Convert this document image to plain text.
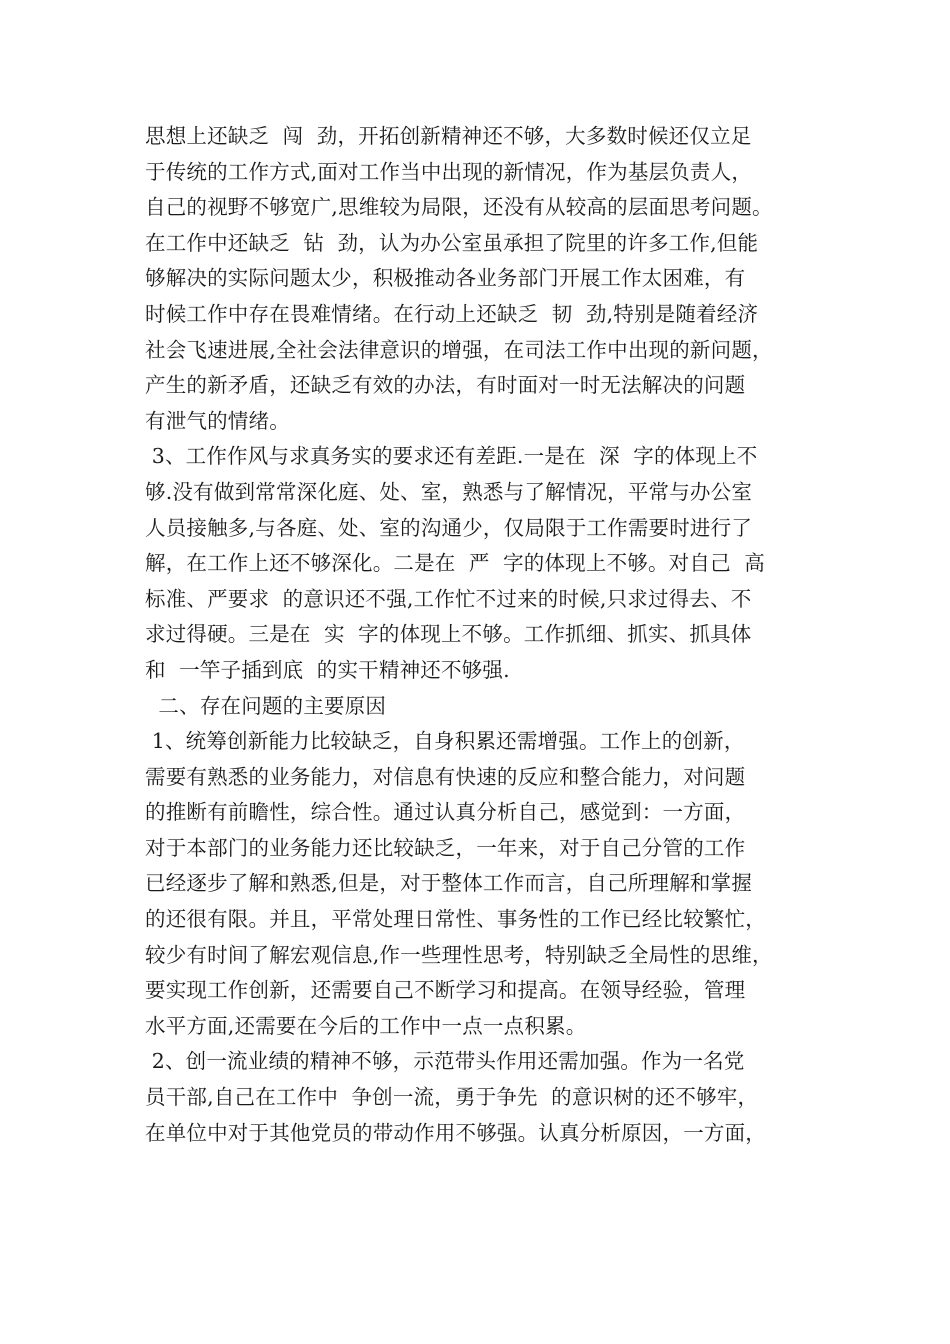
思想上还缺乏  闯  劲，开拓创新精神还不够，大多数时候还仅立足
于传统的工作方式,面对工作当中出现的新情况，作为基层负责人，
自己的视野不够宽广,思维较为局限，还没有从较高的层面思考问题。
在工作中还缺乏  钻  劲，认为办公室虽承担了院里的许多工作,但能
够解决的实际问题太少，积极推动各业务部门开展工作太困难，有
时候工作中存在畏难情绪。在行动上还缺乏  韧  劲,特别是随着经济
社会飞速进展,全社会法律意识的增强，在司法工作中出现的新问题，
产生的新矛盾，还缺乏有效的办法，有时面对一时无法解决的问题
有泄气的情绪。
3、工作作风与求真务实的要求还有差距.一是在  深  字的体现上不
够.没有做到常常深化庭、处、室，熟悉与了解情况，平常与办公室
人员接触多,与各庭、处、室的沟通少，仅局限于工作需要时进行了
解，在工作上还不够深化。二是在  严  字的体现上不够。对自己  高
标准、严要求  的意识还不强,工作忙不过来的时候,只求过得去、不
求过得硬。三是在  实  字的体现上不够。工作抓细、抓实、抓具体
和  一竿子插到底  的实干精神还不够强.
二、存在问题的主要原因
1、统筹创新能力比较缺乏，自身积累还需增强。工作上的创新，
需要有熟悉的业务能力，对信息有快速的反应和整合能力，对问题
的推断有前瞻性，综合性。通过认真分析自己，感觉到：一方面，
对于本部门的业务能力还比较缺乏，一年来，对于自己分管的工作
已经逐步了解和熟悉,但是，对于整体工作而言，自己所理解和掌握
的还很有限。并且，平常处理日常性、事务性的工作已经比较繁忙，
较少有时间了解宏观信息,作一些理性思考，特别缺乏全局性的思维，
要实现工作创新，还需要自己不断学习和提高。在领导经验，管理
水平方面,还需要在今后的工作中一点一点积累。
2、创一流业绩的精神不够，示范带头作用还需加强。作为一名党
员干部,自己在工作中  争创一流，勇于争先  的意识树的还不够牢，
在单位中对于其他党员的带动作用不够强。认真分析原因，一方面，
